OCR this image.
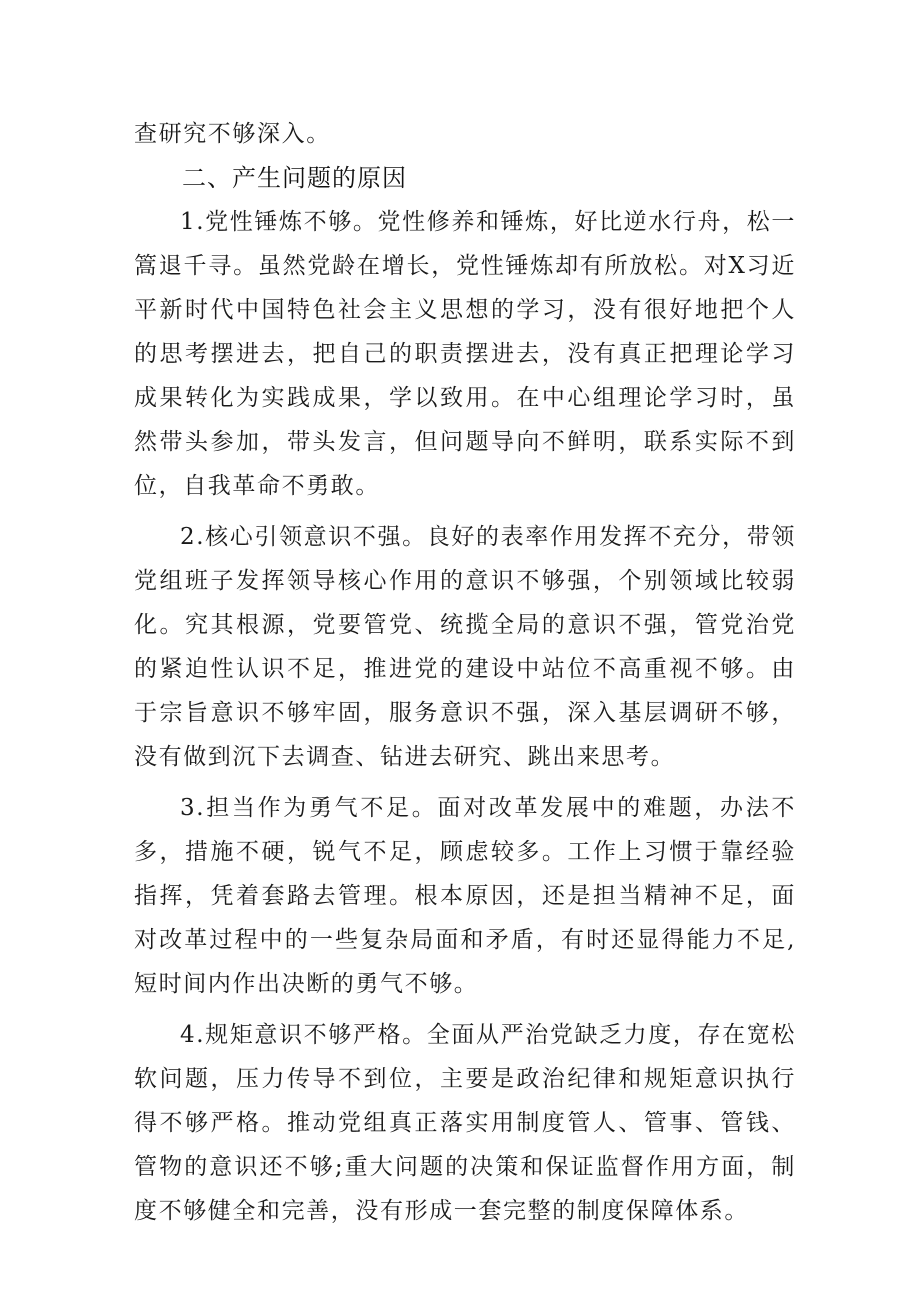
查研究不够深入。

二、产生问题的原因

1.党性锤炼不够。党性修养和锤炼，好比逆水行舟，松一篙退千寻。虽然党龄在增长，党性锤炼却有所放松。对X习近平新时代中国特色社会主义思想的学习，没有很好地把个人的思考摆进去，把自己的职责摆进去，没有真正把理论学习成果转化为实践成果，学以致用。在中心组理论学习时，虽然带头参加，带头发言，但问题导向不鲜明，联系实际不到位，自我革命不勇敢。

2.核心引领意识不强。良好的表率作用发挥不充分，带领党组班子发挥领导核心作用的意识不够强，个别领域比较弱化。究其根源，党要管党、统揽全局的意识不强，管党治党的紧迫性认识不足，推进党的建设中站位不高重视不够。由于宗旨意识不够牢固，服务意识不强，深入基层调研不够，没有做到沉下去调查、钻进去研究、跳出来思考。

3.担当作为勇气不足。面对改革发展中的难题，办法不多，措施不硬，锐气不足，顾虑较多。工作上习惯于靠经验指挥，凭着套路去管理。根本原因，还是担当精神不足，面对改革过程中的一些复杂局面和矛盾，有时还显得能力不足,短时间内作出决断的勇气不够。

4.规矩意识不够严格。全面从严治党缺乏力度，存在宽松软问题，压力传导不到位，主要是政治纪律和规矩意识执行得不够严格。推动党组真正落实用制度管人、管事、管钱、管物的意识还不够;重大问题的决策和保证监督作用方面，制度不够健全和完善，没有形成一套完整的制度保障体系。
